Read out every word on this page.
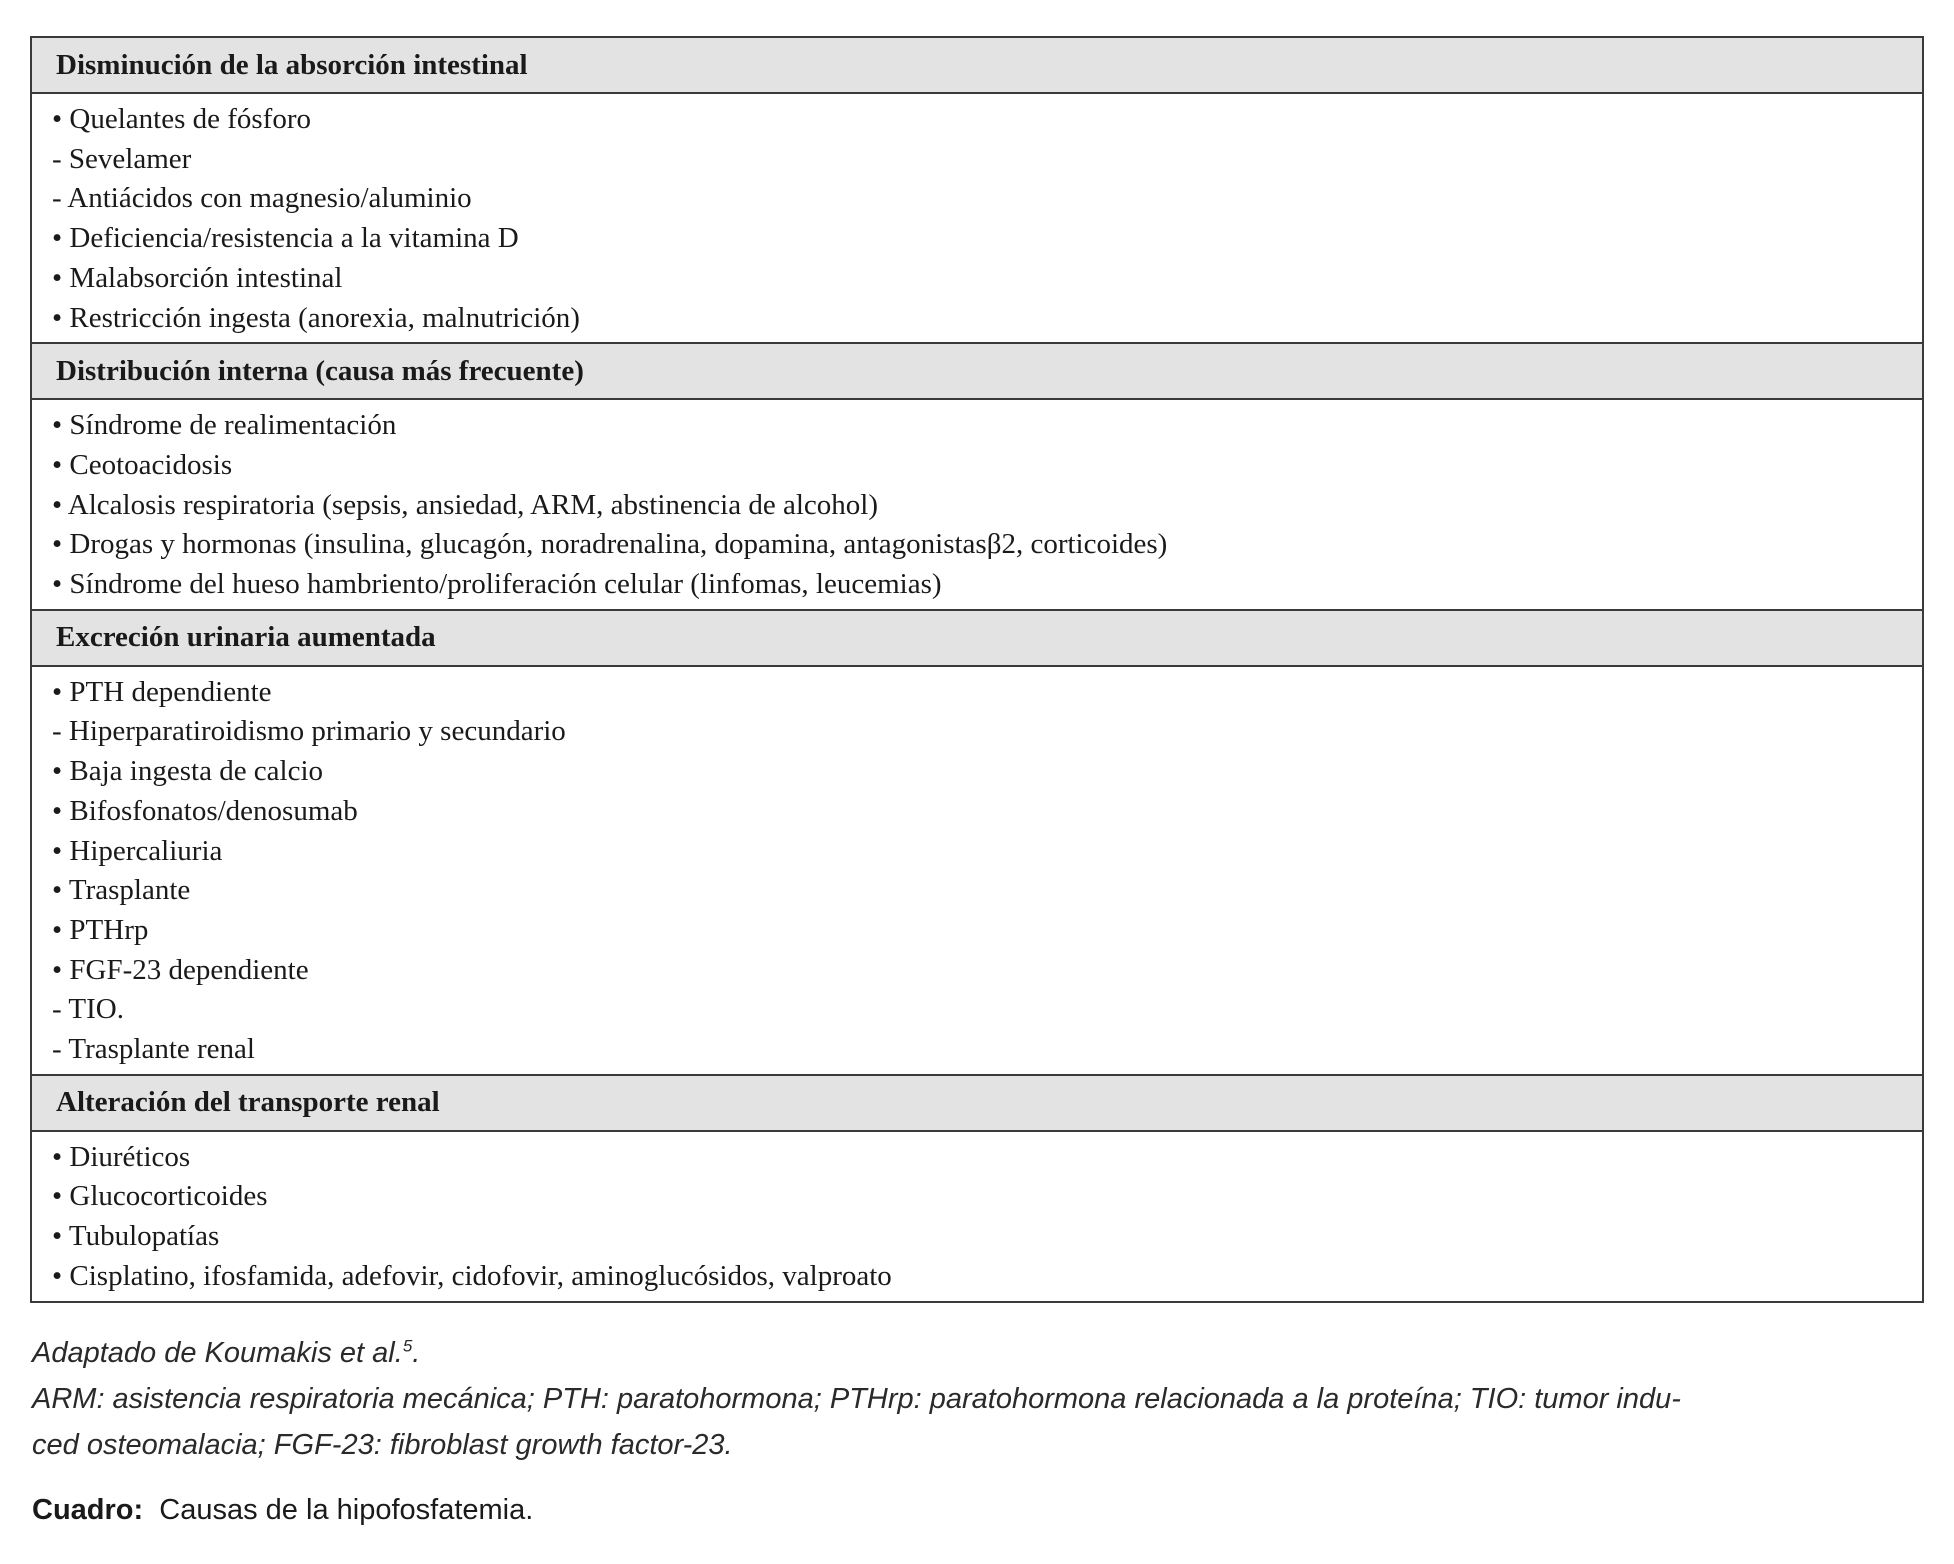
Disminución de la absorción intestinal
• Quelantes de fósforo
- Sevelamer
- Antiácidos con magnesio/aluminio
• Deficiencia/resistencia a la vitamina D
• Malabsorción intestinal
• Restricción ingesta (anorexia, malnutrición)
Distribución interna (causa más frecuente)
• Síndrome de realimentación
• Ceotoacidosis
• Alcalosis respiratoria (sepsis, ansiedad, ARM, abstinencia de alcohol)
• Drogas y hormonas (insulina, glucagón, noradrenalina, dopamina, antagonistasβ2, corticoides)
• Síndrome del hueso hambriento/proliferación celular (linfomas, leucemias)
Excreción urinaria aumentada
• PTH dependiente
- Hiperparatiroidismo primario y secundario
• Baja ingesta de calcio
• Bifosfonatos/denosumab
• Hipercaliuria
• Trasplante
• PTHrp
• FGF-23 dependiente
- TIO.
- Trasplante renal
Alteración del transporte renal
• Diuréticos
• Glucocorticoides
• Tubulopatías
• Cisplatino, ifosfamida, adefovir, cidofovir, aminoglucósidos, valproato
Adaptado de Koumakis et al.$^5$.
ARM: asistencia respiratoria mecánica; PTH: paratohormona; PTHrp: paratohormona relacionada a la proteína; TIO: tumor indu-
ced osteomalacia; FGF-23: fibroblast growth factor-23.
Cuadro: Causas de la hipofosfatemia.
